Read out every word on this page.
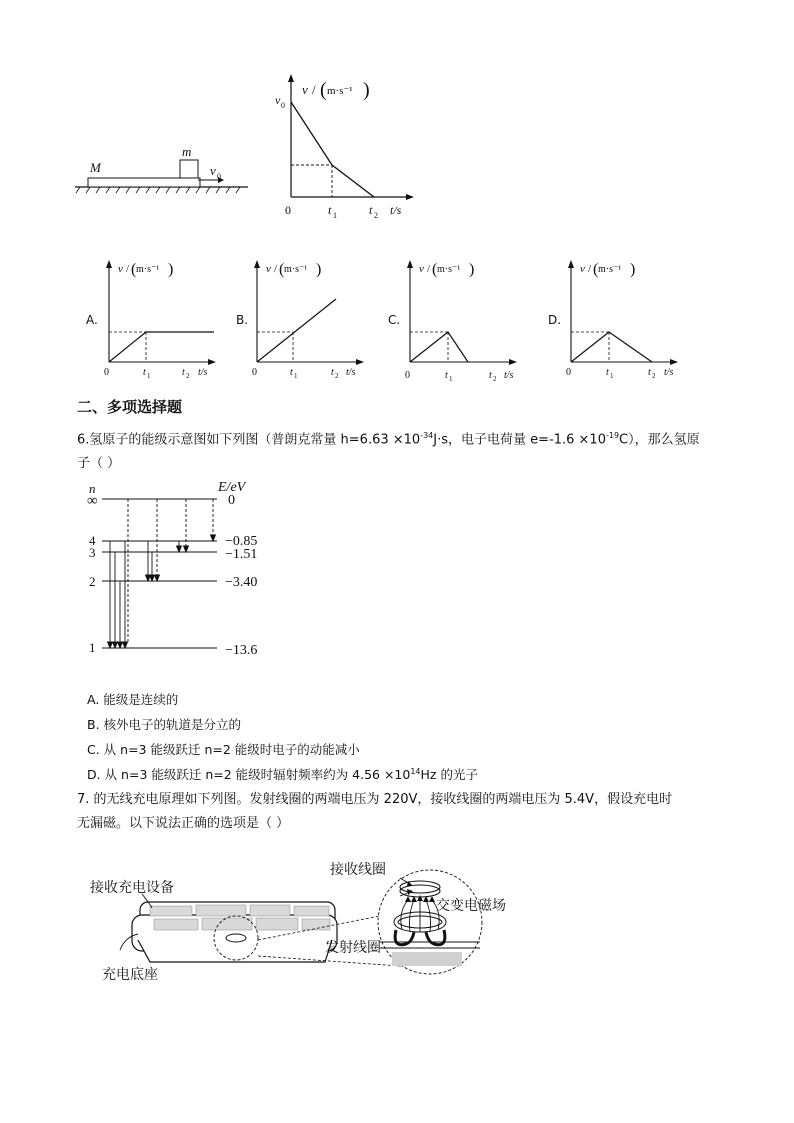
M
m
v 0
v / ( m·s⁻¹ )
v 0
0	t 1	t 2 t/s
A.
v / m·s⁻¹
( )
0	t 1	t 2 t/s
B.
v / m·s⁻¹
( )
0	t 1	t 2 t/s
C.
v / m·s⁻¹
( )
0	t 1	t 2 t/s
D.
v / m·s⁻¹
( )
0	t 1	t 2 t/s
二、多项选择题
6.氢原子的能级示意图如下列图（普朗克常量 $h=6.63 \times 10^{-34}J\cdot s$，电子电荷量 $e=-1.6 \times 10^{-19}C$），那么氢原
子（ ）
n	E/eV
∞
4
3
2
1
0
−0.85
−1.51
−3.40
−13.6
A. 能级是连续的
B. 核外电子的轨道是分立的
C. 从 n=3 能级跃迁 n=2 能级时电子的动能减小
D. 从 n=3 能级跃迁 n=2 能级时辐射频率约为 $4.56 \times 10^{14}Hz$ 的光子
7. 的无线充电原理如下列图。发射线圈的两端电压为 220V，接收线圈的两端电压为 5.4V，假设充电时
无漏磁。以下说法正确的选项是（ ）
接收充电设备
充电底座
发射线圈
接收线圈
交变电磁场
